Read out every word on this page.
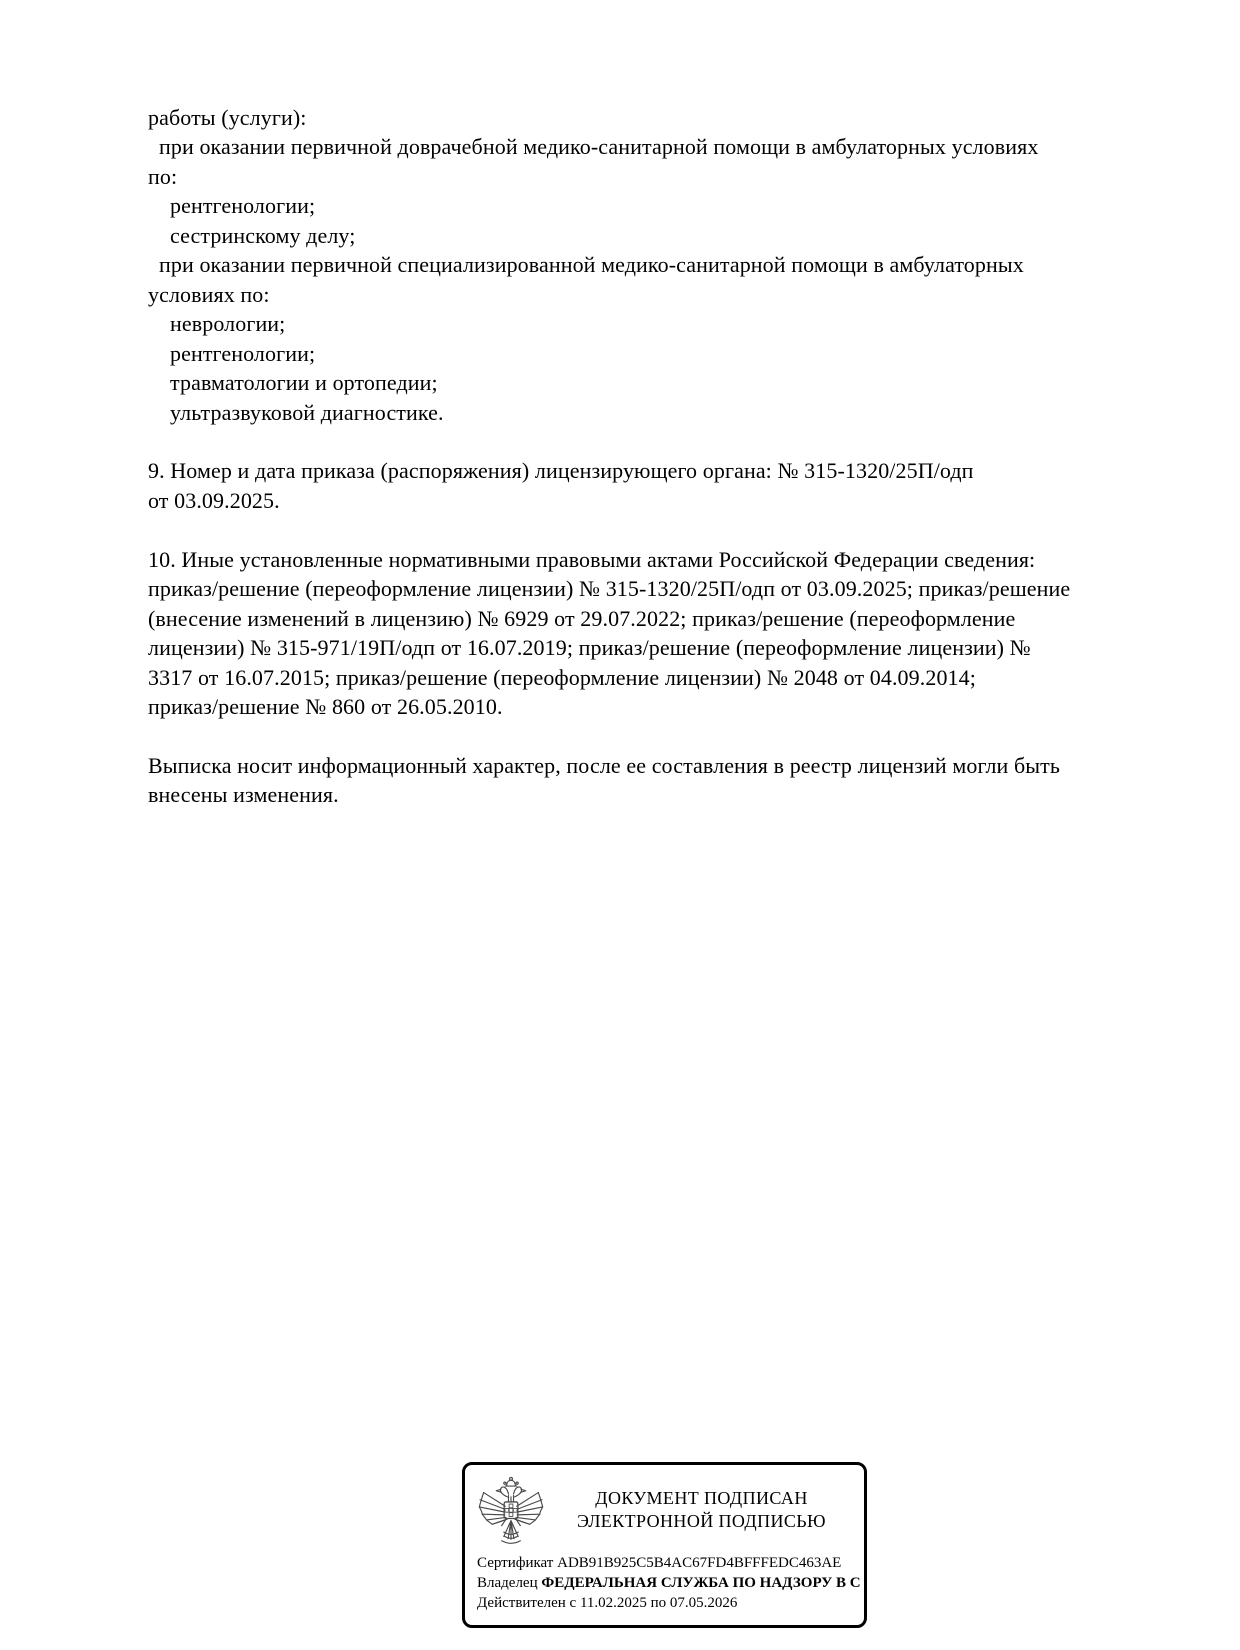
работы (услуги):
при оказании первичной доврачебной медико-санитарной помощи в амбулаторных условиях
по:
рентгенологии;
сестринскому делу;
при оказании первичной специализированной медико-санитарной помощи в амбулаторных
условиях по:
неврологии;
рентгенологии;
травматологии и ортопедии;
ультразвуковой диагностике.
9. Номер и дата приказа (распоряжения) лицензирующего органа: № 315-1320/25П/одп
от 03.09.2025.
10. Иные установленные нормативными правовыми актами Российской Федерации сведения:
приказ/решение (переоформление лицензии) № 315-1320/25П/одп от 03.09.2025; приказ/решение
(внесение изменений в лицензию) № 6929 от 29.07.2022; приказ/решение (переоформление
лицензии) № 315-971/19П/одп от 16.07.2019; приказ/решение (переоформление лицензии) №
3317 от 16.07.2015; приказ/решение (переоформление лицензии) № 2048 от 04.09.2014;
приказ/решение № 860 от 26.05.2010.
Выписка носит информационный характер, после ее составления в реестр лицензий могли быть
внесены изменения.
ДОКУМЕНТ ПОДПИСАН
ЭЛЕКТРОННОЙ ПОДПИСЬЮ
Сертификат ADB91B925C5B4AC67FD4BFFFEDC463AE
Владелец ФЕДЕРАЛЬНАЯ СЛУЖБА ПО НАДЗОРУ В С
Действителен с 11.02.2025 по 07.05.2026
